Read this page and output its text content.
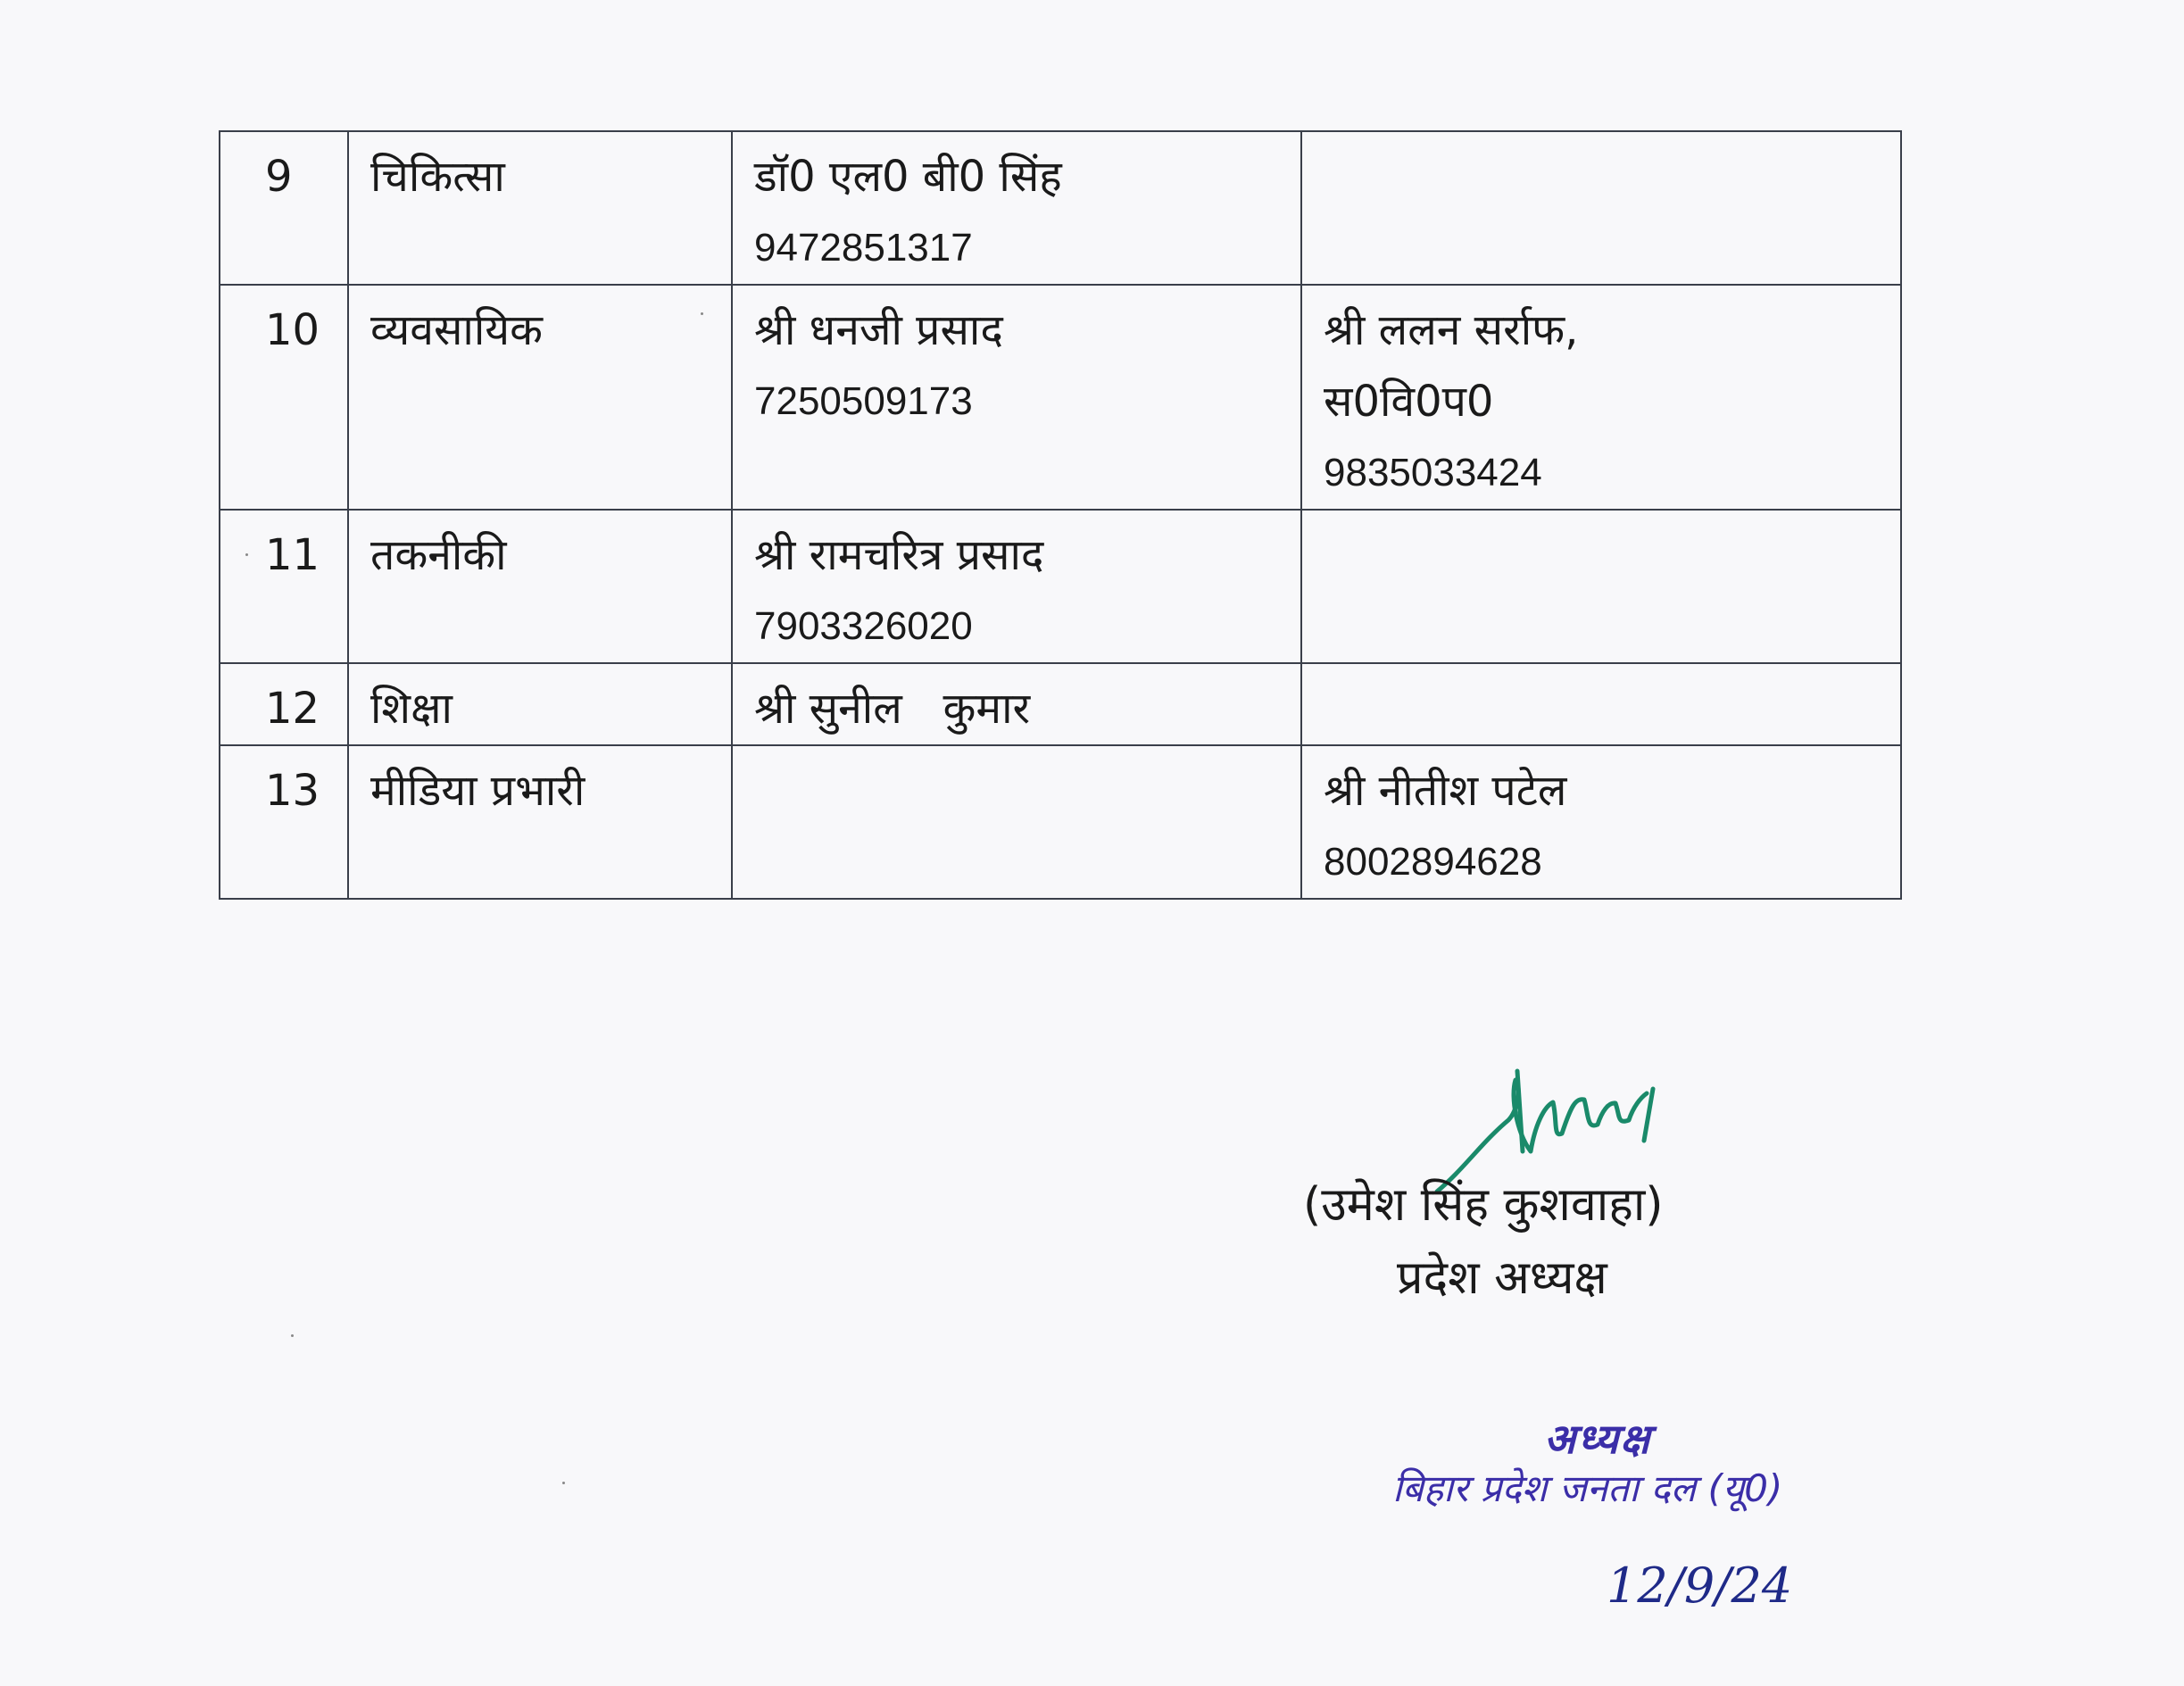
9	चिकित्सा	डॉ0 एल0 बी0 सिंह
9472851317	

10	व्यवसायिक	श्री धनजी प्रसाद
7250509173	श्री ललन सर्राफ,
स0वि0प0
9835033424

11	तकनीकी	श्री रामचरित्र प्रसाद
7903326020	

12	शिक्षा	श्री सुनील   कुमार	

13	मीडिया प्रभारी		श्री नीतीश पटेल
8002894628
(उमेश सिंह कुशवाहा)
प्रदेश अध्यक्ष
अध्यक्ष
बिहार प्रदेश जनता दल (यू0)
12/9/24
